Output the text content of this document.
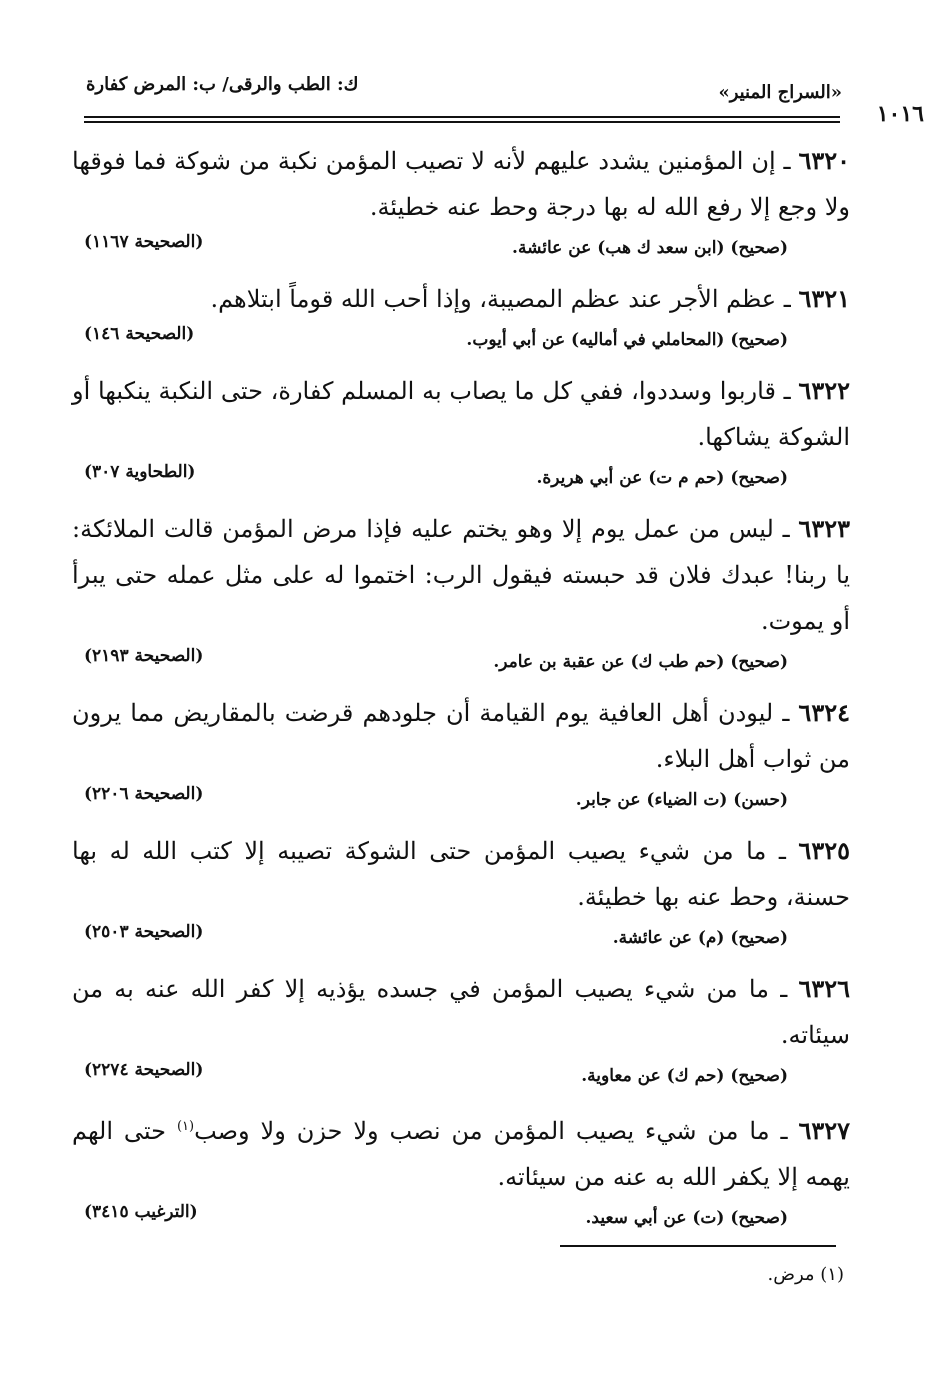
«السراج المنير»
ك: الطب والرقى/ ب: المرض كفارة
١٠١٦
٦٣٢٠ ـ إن المؤمنين يشدد عليهم لأنه لا تصيب المؤمن نكبة من شوكة فما فوقها ولا وجع إلا رفع الله له بها درجة وحط عنه خطيئة.
(صحيح) (ابن سعد ك هب) عن عائشة.
(الصحيحة ١١٦٧)
٦٣٢١ ـ عظم الأجر عند عظم المصيبة، وإذا أحب الله قوماً ابتلاهم.
(صحيح) (المحاملي في أماليه) عن أبي أيوب.
(الصحيحة ١٤٦)
٦٣٢٢ ـ قاربوا وسددوا، ففي كل ما يصاب به المسلم كفارة، حتى النكبة ينكبها أو الشوكة يشاكها.
(صحيح) (حم م ت) عن أبي هريرة.
(الطحاوية ٣٠٧)
٦٣٢٣ ـ ليس من عمل يوم إلا وهو يختم عليه فإذا مرض المؤمن قالت الملائكة: يا ربنا! عبدك فلان قد حبسته فيقول الرب: اختموا له على مثل عمله حتى يبرأ أو يموت.
(صحيح) (حم طب ك) عن عقبة بن عامر.
(الصحيحة ٢١٩٣)
٦٣٢٤ ـ ليودن أهل العافية يوم القيامة أن جلودهم قرضت بالمقاريض مما يرون من ثواب أهل البلاء.
(حسن) (ت الضياء) عن جابر.
(الصحيحة ٢٢٠٦)
٦٣٢٥ ـ ما من شيء يصيب المؤمن حتى الشوكة تصيبه إلا كتب الله له بها حسنة، وحط عنه بها خطيئة.
(صحيح) (م) عن عائشة.
(الصحيحة ٢٥٠٣)
٦٣٢٦ ـ ما من شيء يصيب المؤمن في جسده يؤذيه إلا كفر الله عنه به من سيئاته.
(صحيح) (حم ك) عن معاوية.
(الصحيحة ٢٢٧٤)
٦٣٢٧ ـ ما من شيء يصيب المؤمن من نصب ولا حزن ولا وصب$^{(١)}$ حتى الهم يهمه إلا يكفر الله به عنه من سيئاته.
(صحيح) (ت) عن أبي سعيد.
(الترغيب ٣٤١٥)
(١) مرض.
